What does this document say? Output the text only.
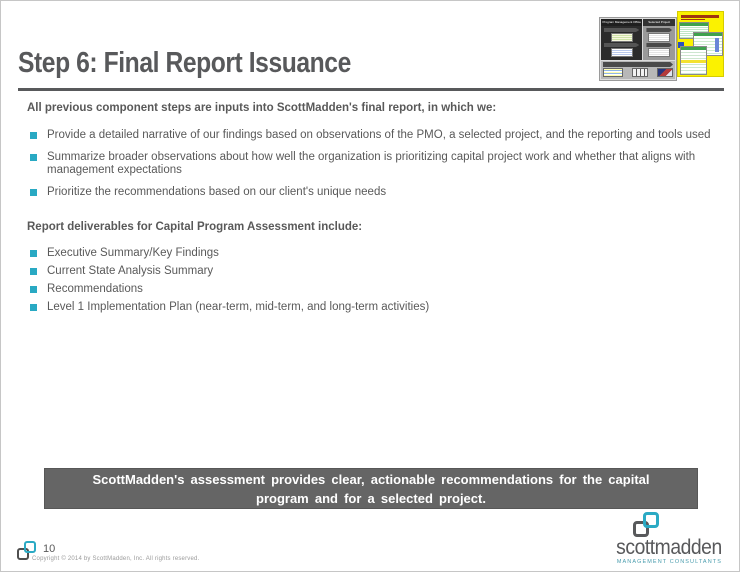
Step 6: Final Report Issuance
Program Management Office	Selected Project
All previous component steps are inputs into ScottMadden's final report, in which we:
Provide a detailed narrative of our findings based on observations of the PMO, a selected project, and the reporting and tools used
Summarize broader observations about how well the organization is prioritizing capital project work and whether that aligns with management expectations
Prioritize the recommendations based on our client's unique needs
Report deliverables for Capital Program Assessment include:
Executive Summary/Key Findings
Current State Analysis Summary
Recommendations
Level 1 Implementation Plan (near-term, mid-term, and long-term activities)
ScottMadden's assessment provides clear, actionable recommendations for the capital
program and for a selected project.
10
Copyright © 2014 by ScottMadden, Inc. All rights reserved.	scottmadden
MANAGEMENT CONSULTANTS
